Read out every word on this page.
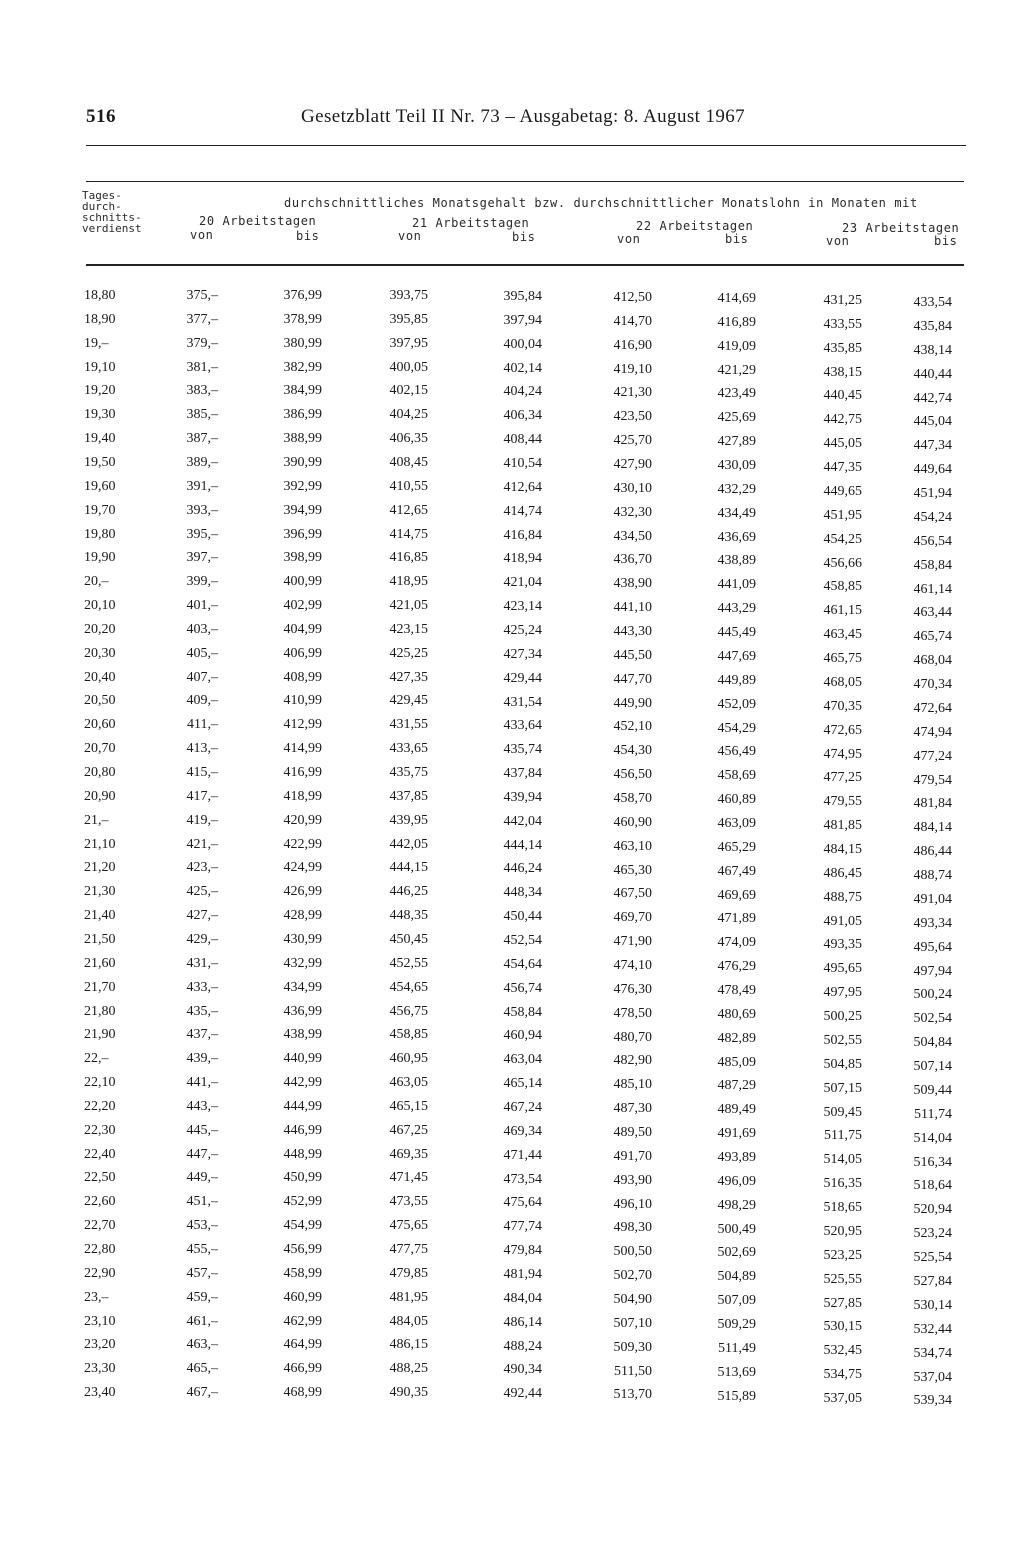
516	Gesetzblatt Teil II Nr. 73 – Ausgabetag: 8. August 1967
Tages-
durch-
schnitts-
verdienst
durchschnittliches Monatsgehalt bzw. durchschnittlicher Monatslohn in Monaten mit
20 Arbeitstagen
von	bis
21 Arbeitstagen
von	bis
22 Arbeitstagen
von	bis
23 Arbeitstagen
von	bis
18,80	375,–	376,99	393,75	395,84	412,50	414,69	431,25	433,54
18,90	377,–	378,99	395,85	397,94	414,70	416,89	433,55	435,84
19,–	379,–	380,99	397,95	400,04	416,90	419,09	435,85	438,14
19,10	381,–	382,99	400,05	402,14	419,10	421,29	438,15	440,44
19,20	383,–	384,99	402,15	404,24	421,30	423,49	440,45	442,74
19,30	385,–	386,99	404,25	406,34	423,50	425,69	442,75	445,04
19,40	387,–	388,99	406,35	408,44	425,70	427,89	445,05	447,34
19,50	389,–	390,99	408,45	410,54	427,90	430,09	447,35	449,64
19,60	391,–	392,99	410,55	412,64	430,10	432,29	449,65	451,94
19,70	393,–	394,99	412,65	414,74	432,30	434,49	451,95	454,24
19,80	395,–	396,99	414,75	416,84	434,50	436,69	454,25	456,54
19,90	397,–	398,99	416,85	418,94	436,70	438,89	456,66	458,84
20,–	399,–	400,99	418,95	421,04	438,90	441,09	458,85	461,14
20,10	401,–	402,99	421,05	423,14	441,10	443,29	461,15	463,44
20,20	403,–	404,99	423,15	425,24	443,30	445,49	463,45	465,74
20,30	405,–	406,99	425,25	427,34	445,50	447,69	465,75	468,04
20,40	407,–	408,99	427,35	429,44	447,70	449,89	468,05	470,34
20,50	409,–	410,99	429,45	431,54	449,90	452,09	470,35	472,64
20,60	411,–	412,99	431,55	433,64	452,10	454,29	472,65	474,94
20,70	413,–	414,99	433,65	435,74	454,30	456,49	474,95	477,24
20,80	415,–	416,99	435,75	437,84	456,50	458,69	477,25	479,54
20,90	417,–	418,99	437,85	439,94	458,70	460,89	479,55	481,84
21,–	419,–	420,99	439,95	442,04	460,90	463,09	481,85	484,14
21,10	421,–	422,99	442,05	444,14	463,10	465,29	484,15	486,44
21,20	423,–	424,99	444,15	446,24	465,30	467,49	486,45	488,74
21,30	425,–	426,99	446,25	448,34	467,50	469,69	488,75	491,04
21,40	427,–	428,99	448,35	450,44	469,70	471,89	491,05	493,34
21,50	429,–	430,99	450,45	452,54	471,90	474,09	493,35	495,64
21,60	431,–	432,99	452,55	454,64	474,10	476,29	495,65	497,94
21,70	433,–	434,99	454,65	456,74	476,30	478,49	497,95	500,24
21,80	435,–	436,99	456,75	458,84	478,50	480,69	500,25	502,54
21,90	437,–	438,99	458,85	460,94	480,70	482,89	502,55	504,84
22,–	439,–	440,99	460,95	463,04	482,90	485,09	504,85	507,14
22,10	441,–	442,99	463,05	465,14	485,10	487,29	507,15	509,44
22,20	443,–	444,99	465,15	467,24	487,30	489,49	509,45	511,74
22,30	445,–	446,99	467,25	469,34	489,50	491,69	511,75	514,04
22,40	447,–	448,99	469,35	471,44	491,70	493,89	514,05	516,34
22,50	449,–	450,99	471,45	473,54	493,90	496,09	516,35	518,64
22,60	451,–	452,99	473,55	475,64	496,10	498,29	518,65	520,94
22,70	453,–	454,99	475,65	477,74	498,30	500,49	520,95	523,24
22,80	455,–	456,99	477,75	479,84	500,50	502,69	523,25	525,54
22,90	457,–	458,99	479,85	481,94	502,70	504,89	525,55	527,84
23,–	459,–	460,99	481,95	484,04	504,90	507,09	527,85	530,14
23,10	461,–	462,99	484,05	486,14	507,10	509,29	530,15	532,44
23,20	463,–	464,99	486,15	488,24	509,30	511,49	532,45	534,74
23,30	465,–	466,99	488,25	490,34	511,50	513,69	534,75	537,04
23,40	467,–	468,99	490,35	492,44	513,70	515,89	537,05	539,34
